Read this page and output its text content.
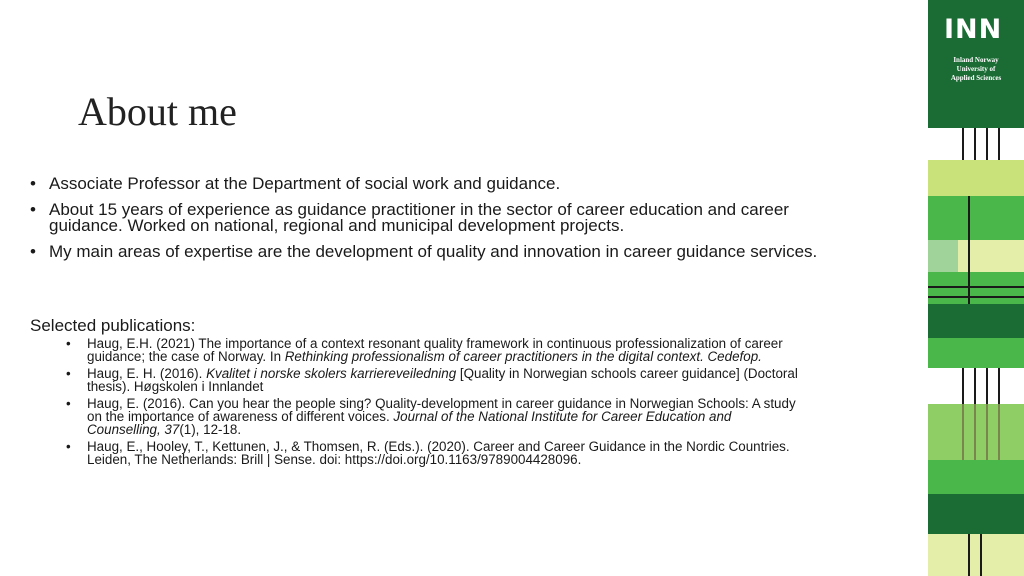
About me
• Associate Professor at the Department of social work and guidance.
• About 15 years of experience as guidance practitioner in the sector of career education and career guidance. Worked on national, regional and municipal development projects.
• My main areas of expertise are the development of quality and innovation in career guidance services.
Selected publications:
• Haug, E.H. (2021) The importance of a context resonant quality framework in continuous professionalization of career guidance; the case of Norway. In Rethinking professionalism of career practitioners in the digital context. Cedefop.
• Haug, E. H. (2016). Kvalitet i norske skolers karriereveiledning [Quality in Norwegian schools career guidance] (Doctoral thesis). Høgskolen i Innlandet
• Haug, E. (2016). Can you hear the people sing? Quality-development in career guidance in Norwegian Schools: A study on the importance of awareness of different voices. Journal of the National Institute for Career Education and Counselling, 37(1), 12-18.
• Haug, E., Hooley, T., Kettunen, J., & Thomsen, R. (Eds.). (2020). Career and Career Guidance in the Nordic Countries. Leiden, The Netherlands: Brill | Sense. doi: https://doi.org/10.1163/9789004428096.
INN
Inland Norway
University of
Applied Sciences
